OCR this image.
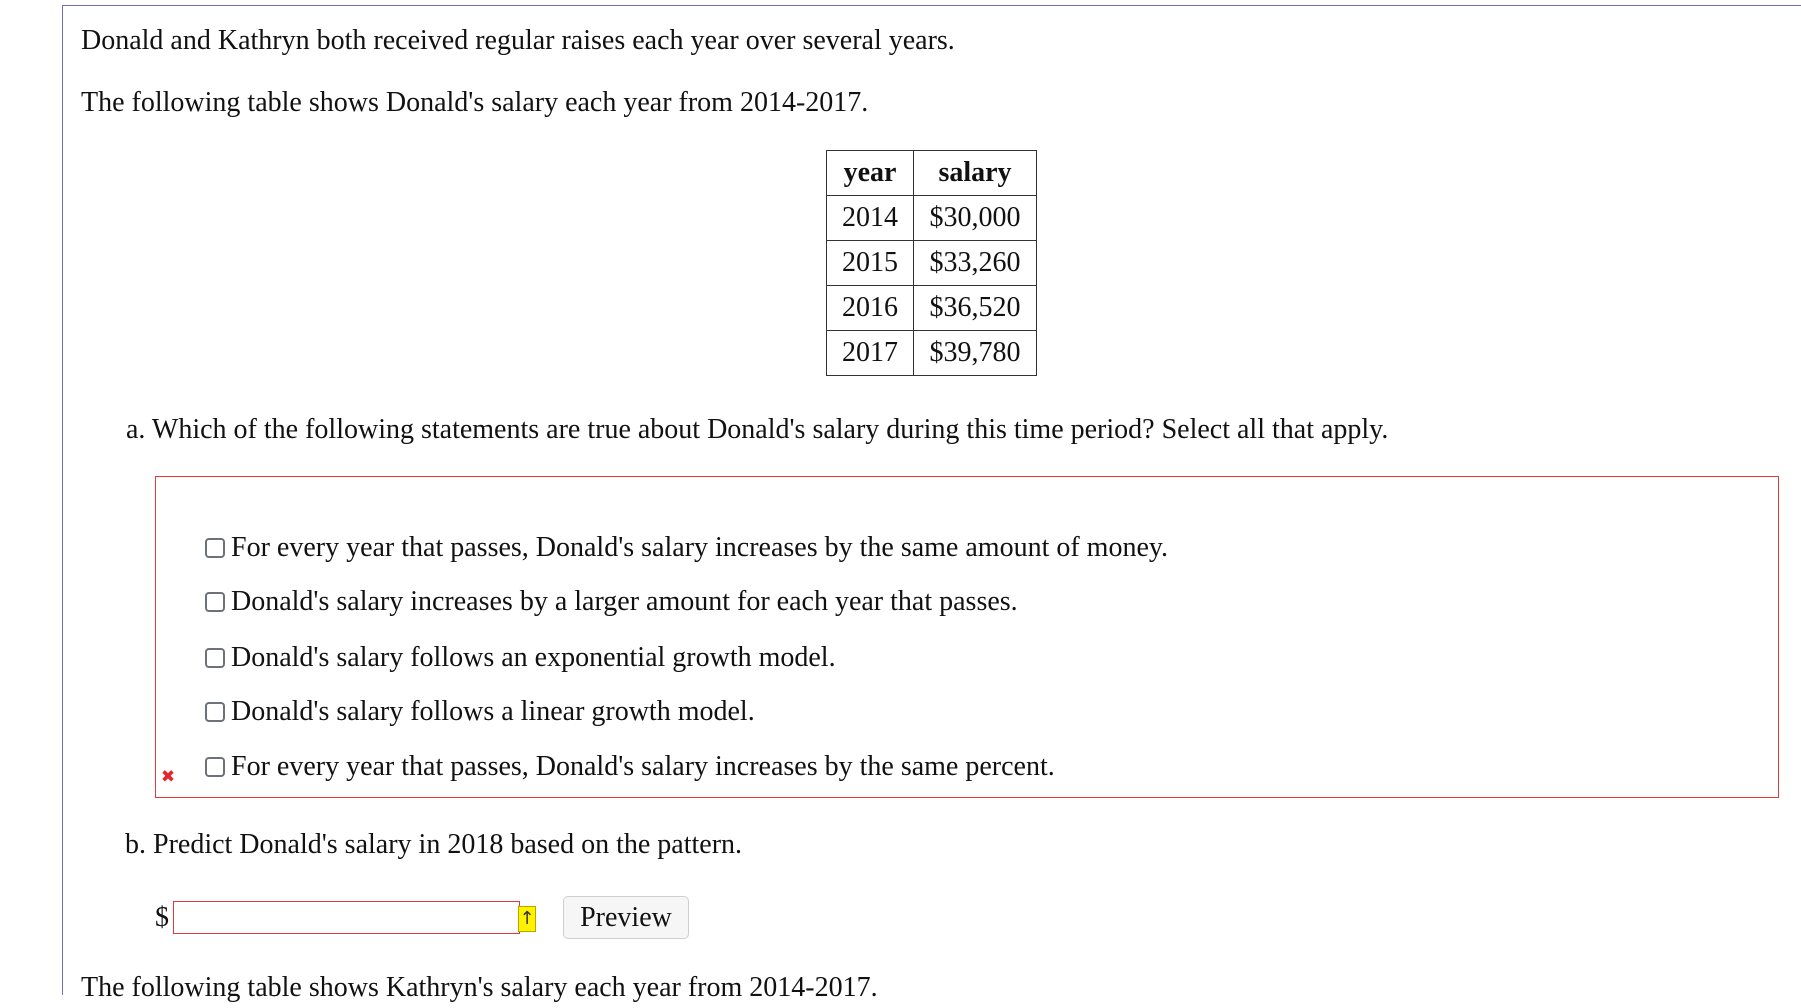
Donald and Kathryn both received regular raises each year over several years.
The following table shows Donald's salary each year from 2014-2017.
year	salary
2014	$30,000
2015	$33,260
2016	$36,520
2017	$39,780
a. Which of the following statements are true about Donald's salary during this time period? Select all that apply.
For every year that passes, Donald's salary increases by the same amount of money.
Donald's salary increases by a larger amount for each year that passes.
Donald's salary follows an exponential growth model.
Donald's salary follows a linear growth model.
For every year that passes, Donald's salary increases by the same percent.
✖
b. Predict Donald's salary in 2018 based on the pattern.
$	↑	Preview
The following table shows Kathryn's salary each year from 2014-2017.
